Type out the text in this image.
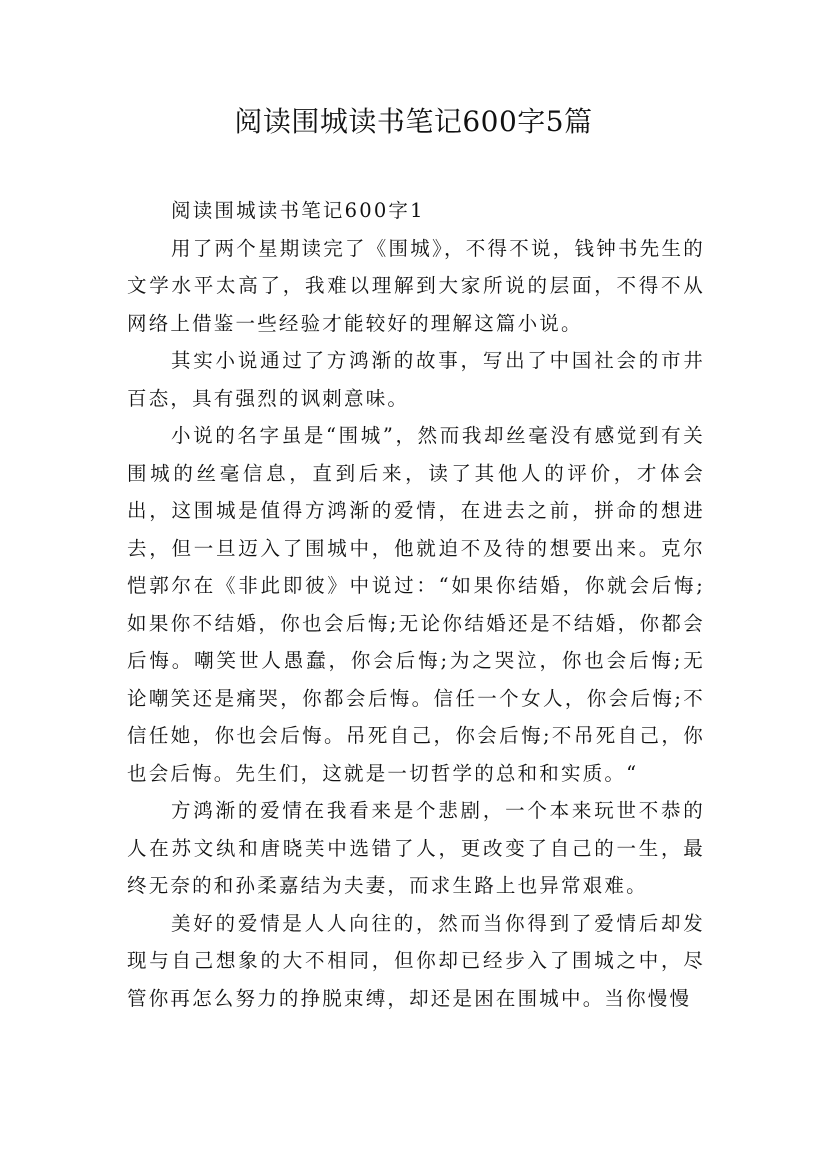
阅读围城读书笔记600字5篇

阅读围城读书笔记600字1

用了两个星期读完了《围城》，不得不说，钱钟书先生的文学水平太高了，我难以理解到大家所说的层面，不得不从网络上借鉴一些经验才能较好的理解这篇小说。

其实小说通过了方鸿渐的故事，写出了中国社会的市井百态，具有强烈的讽刺意味。

小说的名字虽是“围城”，然而我却丝毫没有感觉到有关围城的丝毫信息，直到后来，读了其他人的评价，才体会出，这围城是值得方鸿渐的爱情，在进去之前，拼命的想进去，但一旦迈入了围城中，他就迫不及待的想要出来。克尔恺郭尔在《非此即彼》中说过：“如果你结婚，你就会后悔;如果你不结婚，你也会后悔;无论你结婚还是不结婚，你都会后悔。嘲笑世人愚蠢，你会后悔;为之哭泣，你也会后悔;无论嘲笑还是痛哭，你都会后悔。信任一个女人，你会后悔;不信任她，你也会后悔。吊死自己，你会后悔;不吊死自己，你也会后悔。先生们，这就是一切哲学的总和和实质。“

方鸿渐的爱情在我看来是个悲剧，一个本来玩世不恭的人在苏文纨和唐晓芙中选错了人，更改变了自己的一生，最终无奈的和孙柔嘉结为夫妻，而求生路上也异常艰难。

美好的爱情是人人向往的，然而当你得到了爱情后却发现与自己想象的大不相同，但你却已经步入了围城之中，尽管你再怎么努力的挣脱束缚，却还是困在围城中。当你慢慢
